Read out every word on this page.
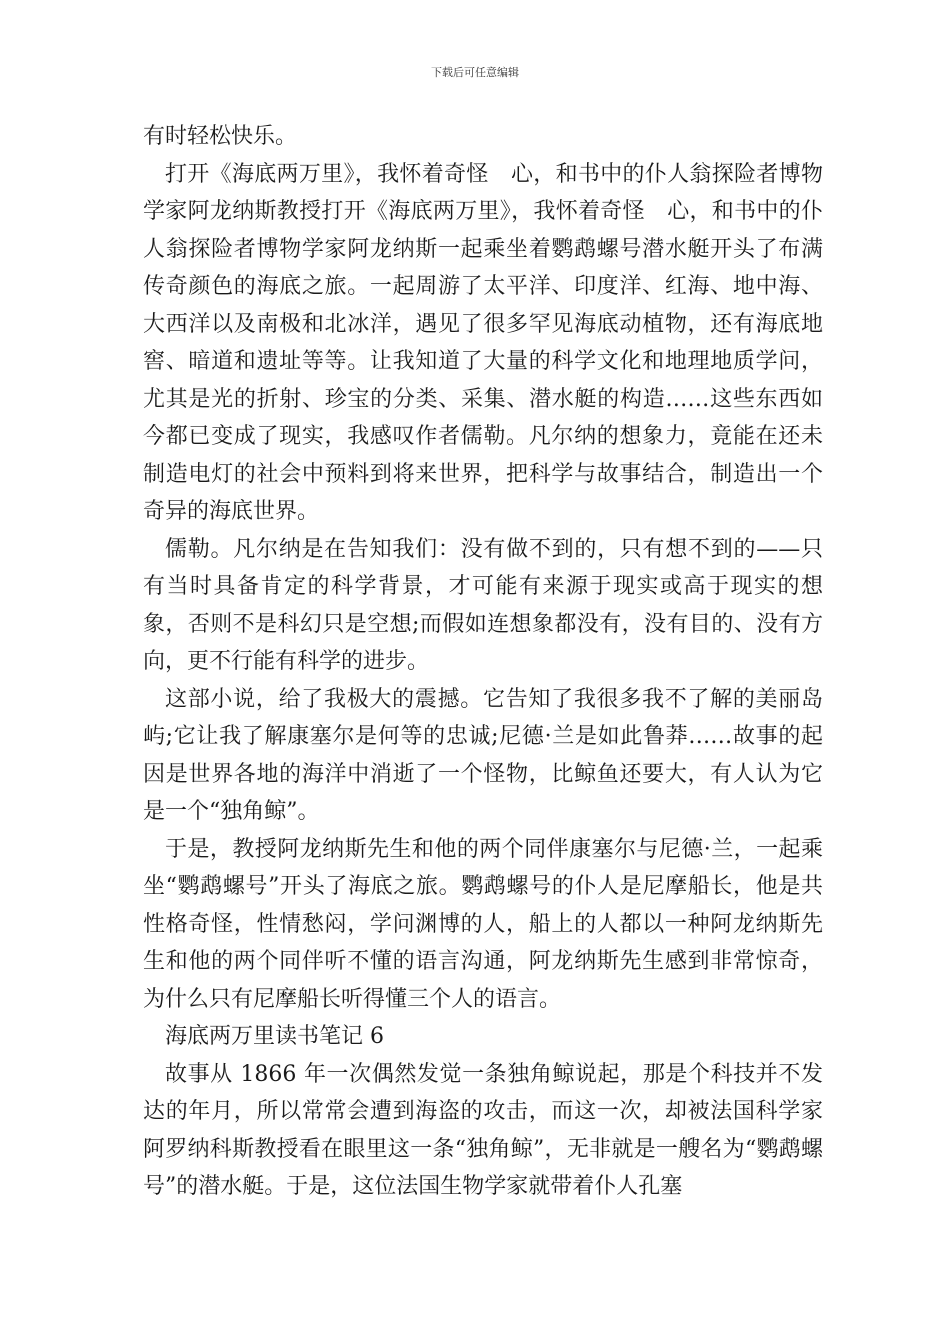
下载后可任意编辑

有时轻松快乐。

打开《海底两万里》，我怀着奇怪　心，和书中的仆人翁探险者博物学家阿龙纳斯教授打开《海底两万里》，我怀着奇怪　心，和书中的仆人翁探险者博物学家阿龙纳斯一起乘坐着鹦鹉螺号潜水艇开头了布满传奇颜色的海底之旅。一起周游了太平洋、印度洋、红海、地中海、大西洋以及南极和北冰洋，遇见了很多罕见海底动植物，还有海底地窖、暗道和遗址等等。让我知道了大量的科学文化和地理地质学问，尤其是光的折射、珍宝的分类、采集、潜水艇的构造……这些东西如今都已变成了现实，我感叹作者儒勒。凡尔纳的想象力，竟能在还未制造电灯的社会中预料到将来世界，把科学与故事结合，制造出一个奇异的海底世界。

儒勒。凡尔纳是在告知我们：没有做不到的，只有想不到的——只有当时具备肯定的科学背景，才可能有来源于现实或高于现实的想象，否则不是科幻只是空想;而假如连想象都没有，没有目的、没有方向，更不行能有科学的进步。

这部小说，给了我极大的震撼。它告知了我很多我不了解的美丽岛屿;它让我了解康塞尔是何等的忠诚;尼德·兰是如此鲁莽……故事的起因是世界各地的海洋中消逝了一个怪物，比鲸鱼还要大，有人认为它是一个“独角鲸”。

于是，教授阿龙纳斯先生和他的两个同伴康塞尔与尼德·兰，一起乘坐“鹦鹉螺号”开头了海底之旅。鹦鹉螺号的仆人是尼摩船长，他是共性格奇怪，性情愁闷，学问渊博的人，船上的人都以一种阿龙纳斯先生和他的两个同伴听不懂的语言沟通，阿龙纳斯先生感到非常惊奇，为什么只有尼摩船长听得懂三个人的语言。

海底两万里读书笔记 6

故事从 1866 年一次偶然发觉一条独角鲸说起，那是个科技并不发达的年月，所以常常会遭到海盗的攻击，而这一次，却被法国科学家阿罗纳科斯教授看在眼里这一条“独角鲸”，无非就是一艘名为“鹦鹉螺号”的潜水艇。于是，这位法国生物学家就带着仆人孔塞
